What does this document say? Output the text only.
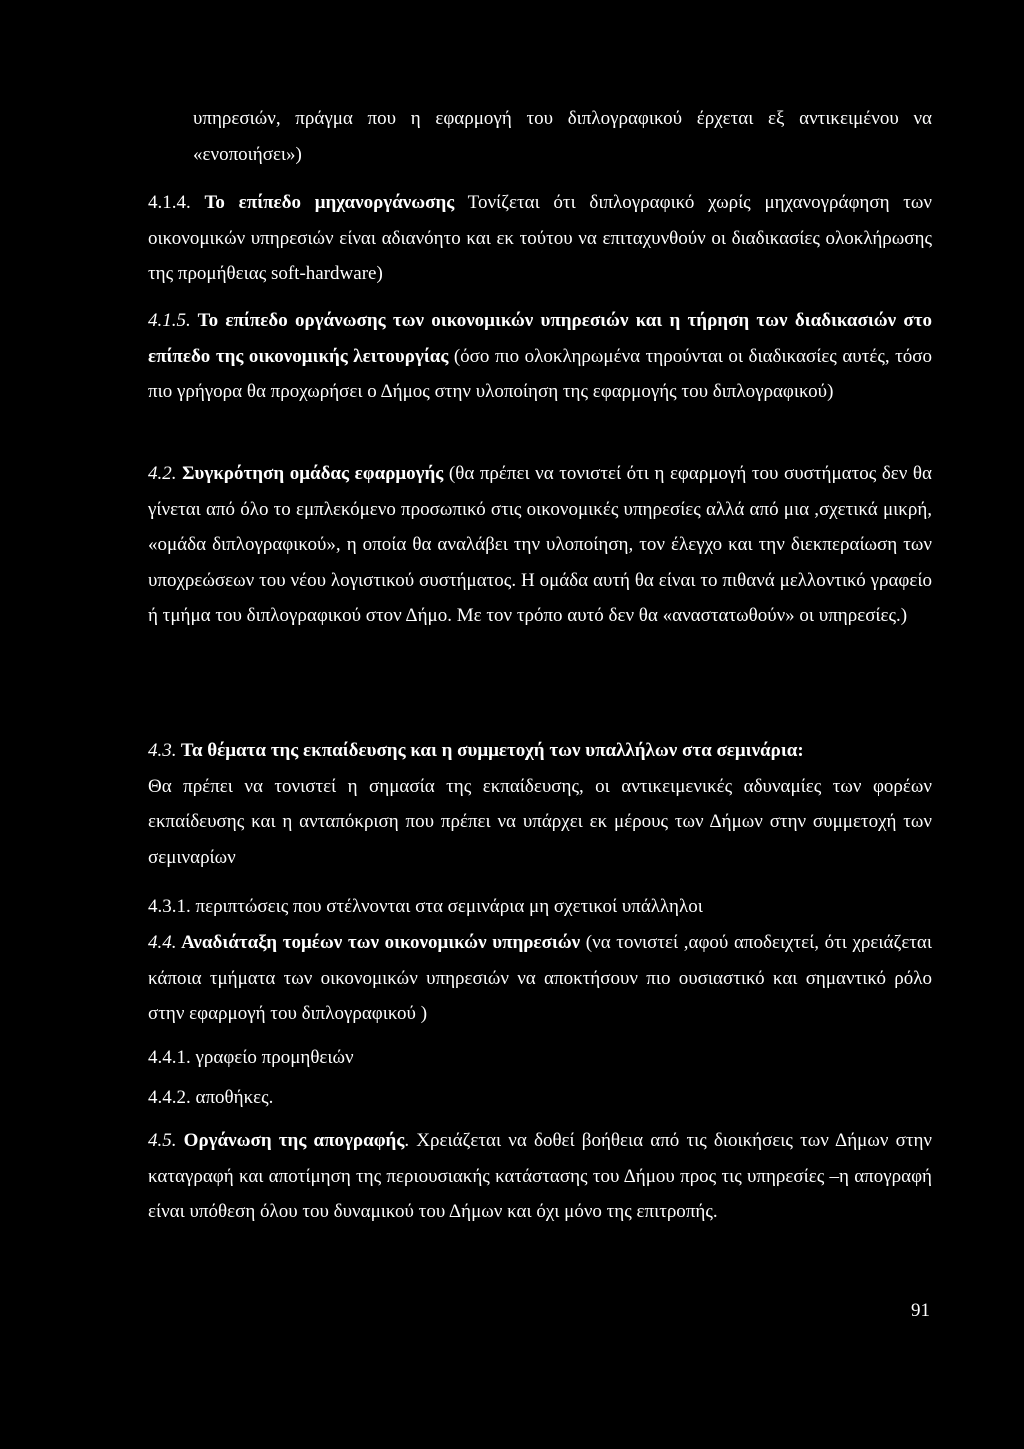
υπηρεσιών, πράγμα που η εφαρμογή του διπλογραφικού έρχεται εξ αντικειμένου να «ενοποιήσει»)

4.1.4. Το επίπεδο μηχανοργάνωσης Τονίζεται ότι διπλογραφικό χωρίς μηχανογράφηση των οικονομικών υπηρεσιών είναι αδιανόητο και εκ τούτου να επιταχυνθούν οι διαδικασίες ολοκλήρωσης της προμήθειας soft-hardware)

4.1.5. Το επίπεδο οργάνωσης των οικονομικών υπηρεσιών και η τήρηση των διαδικασιών στο επίπεδο της οικονομικής λειτουργίας (όσο πιο ολοκληρωμένα τηρούνται οι διαδικασίες αυτές, τόσο πιο γρήγορα θα προχωρήσει ο Δήμος στην υλοποίηση της εφαρμογής του διπλογραφικού)

4.2. Συγκρότηση ομάδας εφαρμογής (θα πρέπει να τονιστεί ότι η εφαρμογή του συστήματος δεν θα γίνεται από όλο το εμπλεκόμενο προσωπικό στις οικονομικές υπηρεσίες αλλά από μια ,σχετικά μικρή, «ομάδα διπλογραφικού», η οποία θα αναλάβει την υλοποίηση, τον έλεγχο και την διεκπεραίωση των υποχρεώσεων του νέου λογιστικού συστήματος. Η ομάδα αυτή θα είναι το πιθανά μελλοντικό γραφείο ή τμήμα του διπλογραφικού στον Δήμο. Με τον τρόπο αυτό δεν θα «αναστατωθούν» οι υπηρεσίες.)

4.3. Τα θέματα της εκπαίδευσης και η συμμετοχή των υπαλλήλων στα σεμινάρια:
Θα πρέπει να τονιστεί η σημασία της εκπαίδευσης, οι αντικειμενικές αδυναμίες των φορέων εκπαίδευσης και η ανταπόκριση που πρέπει να υπάρχει εκ μέρους των Δήμων στην συμμετοχή των σεμιναρίων

4.3.1. περιπτώσεις που στέλνονται στα σεμινάρια μη σχετικοί υπάλληλοι

4.4. Αναδιάταξη τομέων των οικονομικών υπηρεσιών (να τονιστεί ,αφού αποδειχτεί, ότι χρειάζεται κάποια τμήματα των οικονομικών υπηρεσιών να αποκτήσουν πιο ουσιαστικό και σημαντικό ρόλο στην εφαρμογή του διπλογραφικού )

4.4.1. γραφείο προμηθειών

4.4.2. αποθήκες.

4.5. Οργάνωση της απογραφής. Χρειάζεται να δοθεί βοήθεια από τις διοικήσεις των Δήμων στην καταγραφή και αποτίμηση της περιουσιακής κατάστασης του Δήμου προς τις υπηρεσίες –η απογραφή είναι υπόθεση όλου του δυναμικού του Δήμων και όχι μόνο της επιτροπής.

91
